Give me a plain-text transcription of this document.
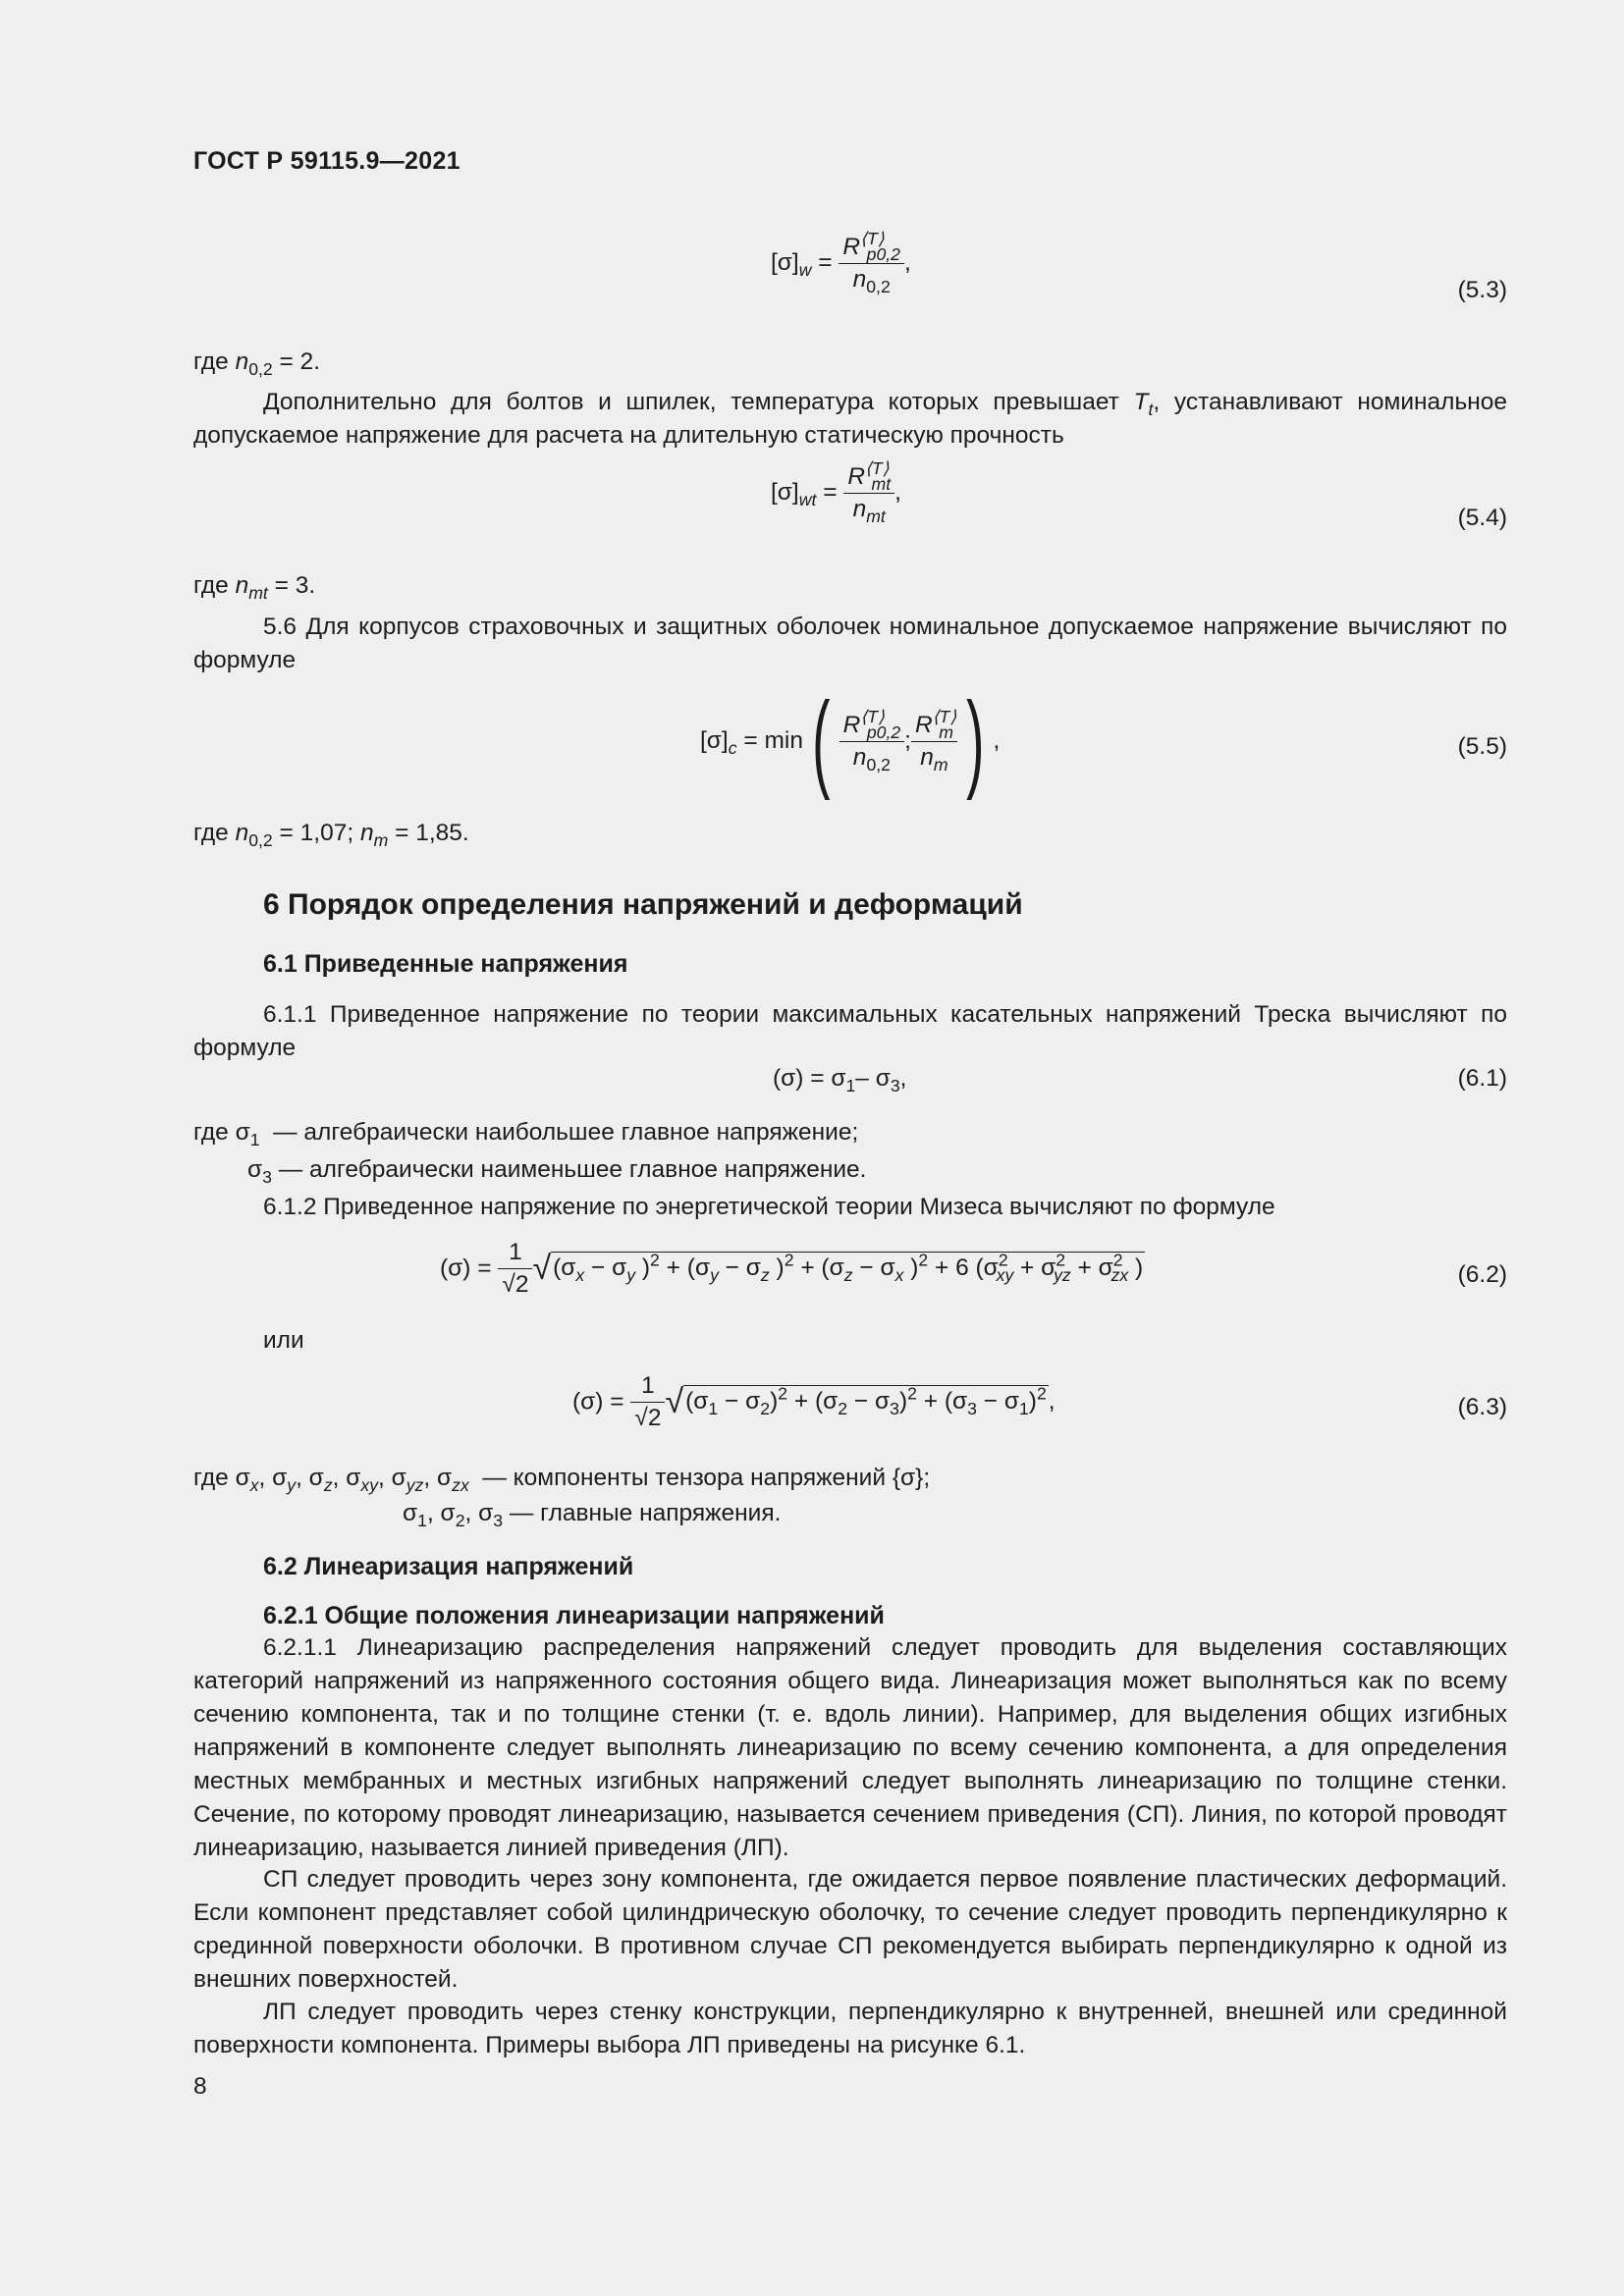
ГОСТ Р 59115.9—2021
$[\sigma]_w = \frac{R^{⟨T⟩}_{p0,2}}{n_{0,2}}$ ,
(5.3)
где $n_{0,2} = 2$.
Дополнительно для болтов и шпилек, температура которых превышает $T_t$, устанавливают номинальное допускаемое напряжение для расчета на длительную статическую прочность
$[\sigma]_{wt}$ =
$R^{⟨T⟩}_{mt}$
$n_{mt}$
,
(5.4)
где $n_{mt} = 3$.
5.6 Для корпусов страховочных и защитных оболочек номинальное допускаемое напряжение вычисляют по формуле
$[\sigma]_c = \min( \frac{R^{⟨T⟩}_{p0,2}}{n_{0,2}}$ ; $\frac{R^{⟨T⟩}_m}{n_m}$ ) ,	(5.5)
где $n_{0,2} = 1,07$; $n_m = 1,85$.
6 Порядок определения напряжений и деформаций
6.1 Приведенные напряжения
6.1.1 Приведенное напряжение по теории максимальных касательных напряжений Треска вычисляют по формуле
$(\sigma) = \sigma_1-$ $\sigma_3$,	(6.1)
где $\sigma_1$  — алгебраически наибольшее главное напряжение;
$\sigma_3$ — алгебраически наименьшее главное напряжение.
6.1.2 Приведенное напряжение по энергетической теории Мизеса вычисляют по формуле
$(\sigma) = \frac{1}{√2} √(\sigma_x - \sigma_y$ )$^2 + (\sigma_y - \sigma_z$ )$^2 + (\sigma_z - \sigma_x$ )$^2$ + 6 ($\sigma^2_{xy} + \sigma^2_{yz} + \sigma^2_{zx}$ )	(6.2)
или
$(\sigma) = \frac{1}{√2} √(\sigma_1 - \sigma_2)^2 + (\sigma_2 - \sigma_3)^2 + (\sigma_3 - \sigma_1)^2$,	(6.3)
где $\sigma_x$, $\sigma_y$, $\sigma_z$, $\sigma_{xy}$, $\sigma_{yz}$, $\sigma_{zx}$  — компоненты тензора напряжений {σ};
$\sigma_1$, $\sigma_2$, $\sigma_3$ — главные напряжения.
6.2 Линеаризация напряжений
6.2.1 Общие положения линеаризации напряжений
6.2.1.1 Линеаризацию распределения напряжений следует проводить для выделения составляющих категорий напряжений из напряженного состояния общего вида. Линеаризация может выполняться как по всему сечению компонента, так и по толщине стенки (т. е. вдоль линии). Например, для выделения общих изгибных напряжений в компоненте следует выполнять линеаризацию по всему сечению компонента, а для определения местных мембранных и местных изгибных напряжений следует выполнять линеаризацию по толщине стенки. Сечение, по которому проводят линеаризацию, называется сечением приведения (СП). Линия, по которой проводят линеаризацию, называется линией приведения (ЛП).
СП следует проводить через зону компонента, где ожидается первое появление пластических деформаций. Если компонент представляет собой цилиндрическую оболочку, то сечение следует проводить перпендикулярно к срединной поверхности оболочки. В противном случае СП рекомендуется выбирать перпендикулярно к одной из внешних поверхностей.
ЛП следует проводить через стенку конструкции, перпендикулярно к внутренней, внешней или срединной поверхности компонента. Примеры выбора ЛП приведены на рисунке 6.1.
8
